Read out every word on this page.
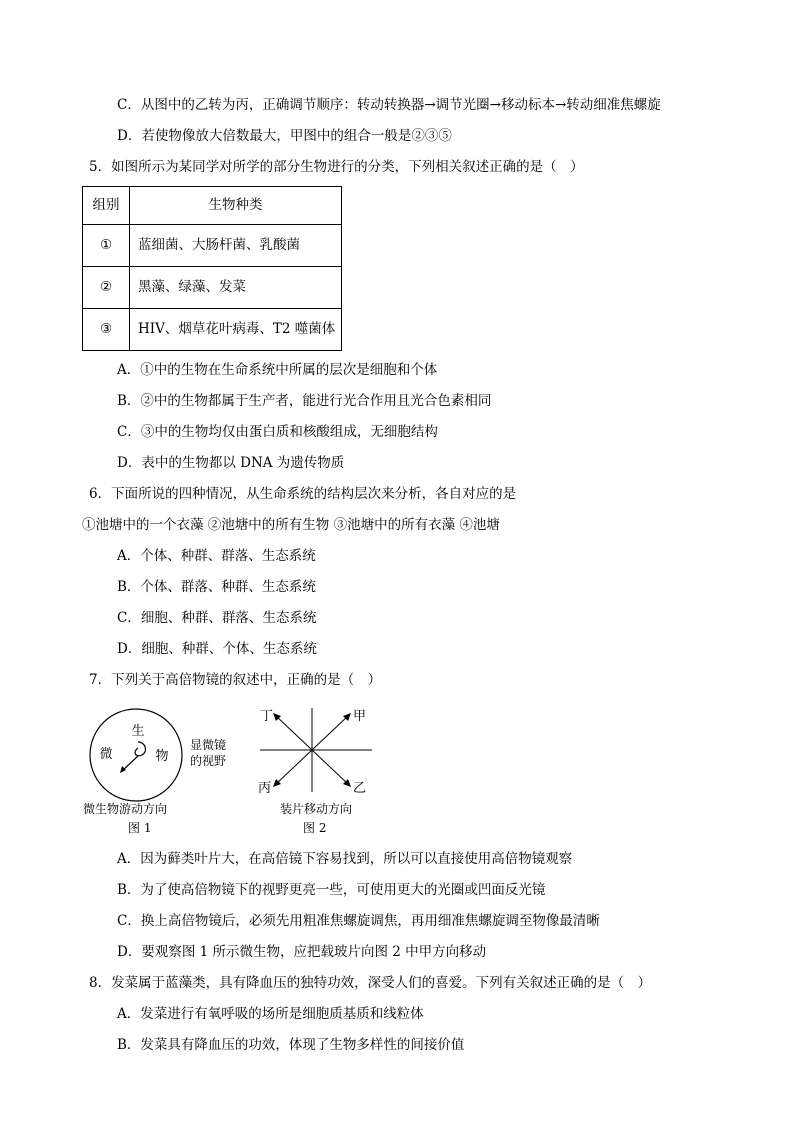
C．从图中的乙转为丙，正确调节顺序：转动转换器→调节光圈→移动标本→转动细准焦螺旋
D．若使物像放大倍数最大，甲图中的组合一般是②③⑤
5．如图所示为某同学对所学的部分生物进行的分类，下列相关叙述正确的是（　）
组别	生物种类
①	蓝细菌、大肠杆菌、乳酸菌
②	黑藻、绿藻、发菜
③	HIV、烟草花叶病毒、T2 噬菌体
A．①中的生物在生命系统中所属的层次是细胞和个体
B．②中的生物都属于生产者，能进行光合作用且光合色素相同
C．③中的生物均仅由蛋白质和核酸组成，无细胞结构
D．表中的生物都以 DNA 为遗传物质
6．下面所说的四种情况，从生命系统的结构层次来分析，各自对应的是
①池塘中的一个衣藻 ②池塘中的所有生物 ③池塘中的所有衣藻 ④池塘
A．个体、种群、群落、生态系统
B．个体、群落、种群、生态系统
C．细胞、种群、群落、生态系统
D．细胞、种群、个体、生态系统
7．下列关于高倍物镜的叙述中，正确的是（　）
生
微	物
显微镜
的视野
微生物游动方向
图 1
丁	甲
丙	乙
装片移动方向
图 2
A．因为藓类叶片大，在高倍镜下容易找到，所以可以直接使用高倍物镜观察
B．为了使高倍物镜下的视野更亮一些，可使用更大的光圈或凹面反光镜
C．换上高倍物镜后，必须先用粗准焦螺旋调焦，再用细准焦螺旋调至物像最清晰
D．要观察图 1 所示微生物，应把载玻片向图 2 中甲方向移动
8．发菜属于蓝藻类，具有降血压的独特功效，深受人们的喜爱。下列有关叙述正确的是（　）
A．发菜进行有氧呼吸的场所是细胞质基质和线粒体
B．发菜具有降血压的功效，体现了生物多样性的间接价值
